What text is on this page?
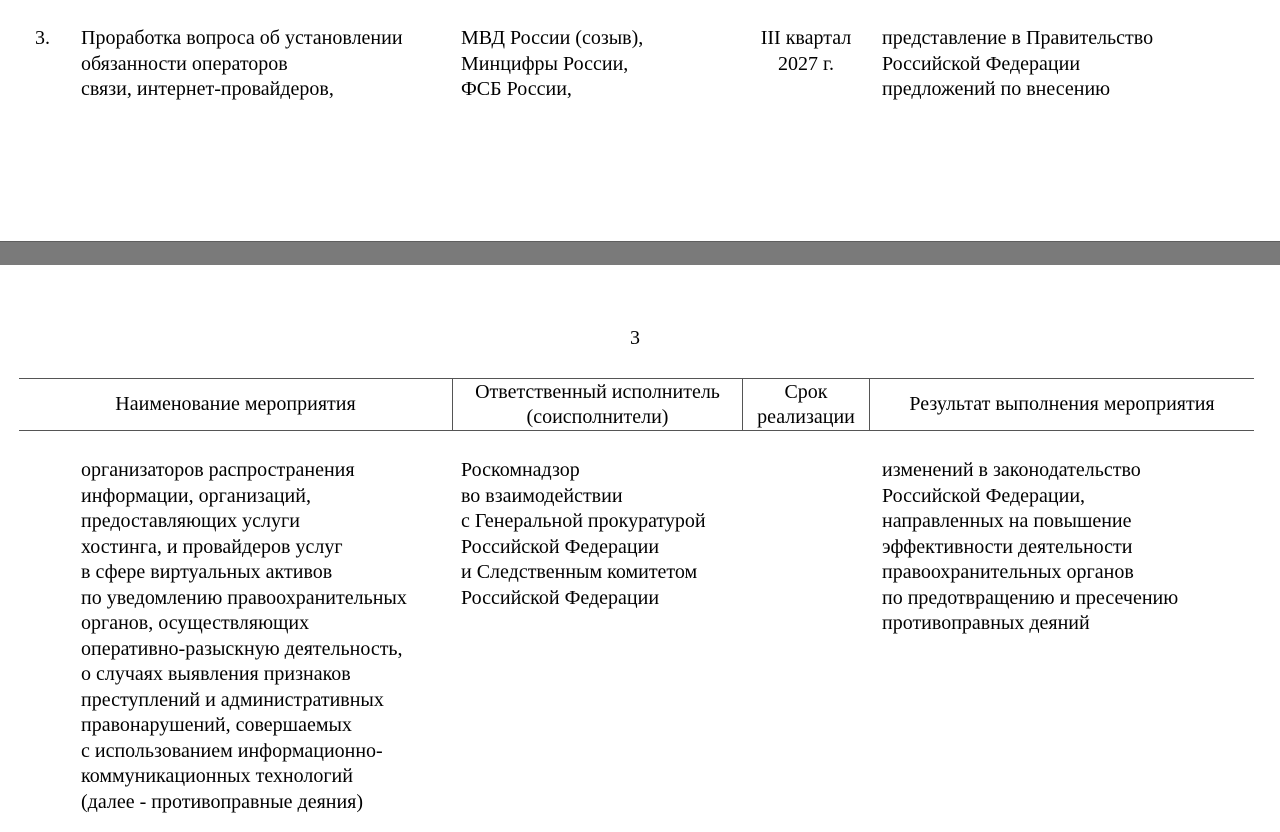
3. Проработка вопроса об установлении
обязанности операторов
связи, интернет-провайдеров,
МВД России (созыв),
Минцифры России,
ФСБ России,
III квартал
2027 г.
представление в Правительство
Российской Федерации
предложений по внесению
3
Наименование мероприятия
Ответственный исполнитель
(соисполнители)
Срок
реализации
Результат выполнения мероприятия
организаторов распространения
информации, организаций,
предоставляющих услуги
хостинга, и провайдеров услуг
в сфере виртуальных активов
по уведомлению правоохранительных
органов, осуществляющих
оперативно-разыскную деятельность,
о случаях выявления признаков
преступлений и административных
правонарушений, совершаемых
с использованием информационно-
коммуникационных технологий
(далее - противоправные деяния)
Роскомнадзор
во взаимодействии
с Генеральной прокуратурой
Российской Федерации
и Следственным комитетом
Российской Федерации
изменений в законодательство
Российской Федерации,
направленных на повышение
эффективности деятельности
правоохранительных органов
по предотвращению и пресечению
противоправных деяний
